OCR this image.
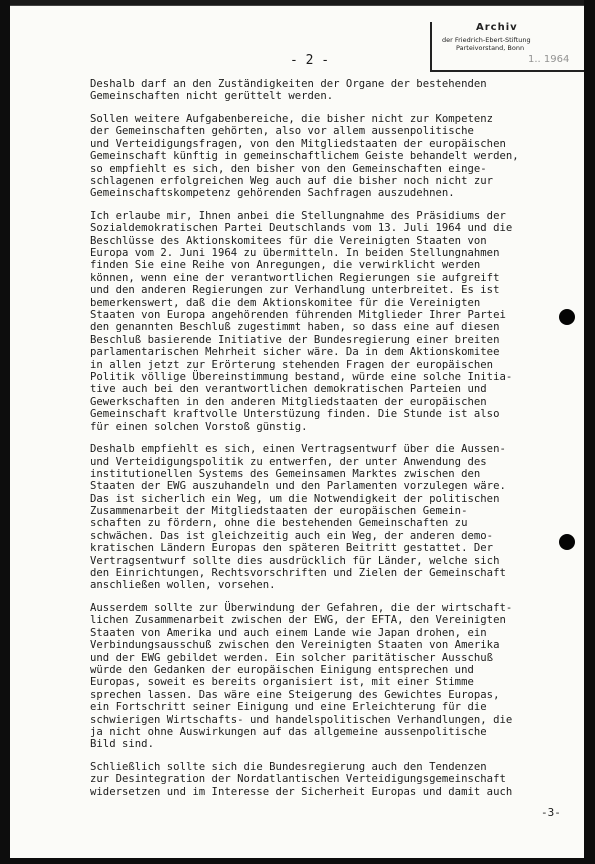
Archiv
der Friedrich-Ebert-Stiftung
Parteivorstand, Bonn
1.. 1964
- 2 -
Deshalb darf an den Zuständigkeiten der Organe der bestehenden
Gemeinschaften nicht gerüttelt werden.
Sollen weitere Aufgabenbereiche, die bisher nicht zur Kompetenz
der Gemeinschaften gehörten, also vor allem aussenpolitische
und Verteidigungsfragen, von den Mitgliedstaaten der europäischen
Gemeinschaft künftig in gemeinschaftlichem Geiste behandelt werden,
so empfiehlt es sich, den bisher von den Gemeinschaften einge-
schlagenen erfolgreichen Weg auch auf die bisher noch nicht zur
Gemeinschaftskompetenz gehörenden Sachfragen auszudehnen.
Ich erlaube mir, Ihnen anbei die Stellungnahme des Präsidiums der
Sozialdemokratischen Partei Deutschlands vom 13. Juli 1964 und die
Beschlüsse des Aktionskomitees für die Vereinigten Staaten von
Europa vom 2. Juni 1964 zu übermitteln. In beiden Stellungnahmen
finden Sie eine Reihe von Anregungen, die verwirklicht werden
können, wenn eine der verantwortlichen Regierungen sie aufgreift
und den anderen Regierungen zur Verhandlung unterbreitet. Es ist
bemerkenswert, daß die dem Aktionskomitee für die Vereinigten
Staaten von Europa angehörenden führenden Mitglieder Ihrer Partei
den genannten Beschluß zugestimmt haben, so dass eine auf diesen
Beschluß basierende Initiative der Bundesregierung einer breiten
parlamentarischen Mehrheit sicher wäre. Da in dem Aktionskomitee
in allen jetzt zur Erörterung stehenden Fragen der europäischen
Politik völlige Übereinstimmung bestand, würde eine solche Initia-
tive auch bei den verantwortlichen demokratischen Parteien und
Gewerkschaften in den anderen Mitgliedstaaten der europäischen
Gemeinschaft kraftvolle Unterstüzung finden. Die Stunde ist also
für einen solchen Vorstoß günstig.
Deshalb empfiehlt es sich, einen Vertragsentwurf über die Aussen-
und Verteidigungspolitik zu entwerfen, der unter Anwendung des
institutionellen Systems des Gemeinsamen Marktes zwischen den
Staaten der EWG auszuhandeln und den Parlamenten vorzulegen wäre.
Das ist sicherlich ein Weg, um die Notwendigkeit der politischen
Zusammenarbeit der Mitgliedstaaten der europäischen Gemein-
schaften zu fördern, ohne die bestehenden Gemeinschaften zu
schwächen. Das ist gleichzeitig auch ein Weg, der anderen demo-
kratischen Ländern Europas den späteren Beitritt gestattet. Der
Vertragsentwurf sollte dies ausdrücklich für Länder, welche sich
den Einrichtungen, Rechtsvorschriften und Zielen der Gemeinschaft
anschließen wollen, vorsehen.
Ausserdem sollte zur Überwindung der Gefahren, die der wirtschaft-
lichen Zusammenarbeit zwischen der EWG, der EFTA, den Vereinigten
Staaten von Amerika und auch einem Lande wie Japan drohen, ein
Verbindungsausschuß zwischen den Vereinigten Staaten von Amerika
und der EWG gebildet werden. Ein solcher paritätischer Ausschuß
würde den Gedanken der europäischen Einigung entsprechen und
Europas, soweit es bereits organisiert ist, mit einer Stimme
sprechen lassen. Das wäre eine Steigerung des Gewichtes Europas,
ein Fortschritt seiner Einigung und eine Erleichterung für die
schwierigen Wirtschafts- und handelspolitischen Verhandlungen, die
ja nicht ohne Auswirkungen auf das allgemeine aussenpolitische
Bild sind.
Schließlich sollte sich die Bundesregierung auch den Tendenzen
zur Desintegration der Nordatlantischen Verteidigungsgemeinschaft
widersetzen und im Interesse der Sicherheit Europas und damit auch
-3-
